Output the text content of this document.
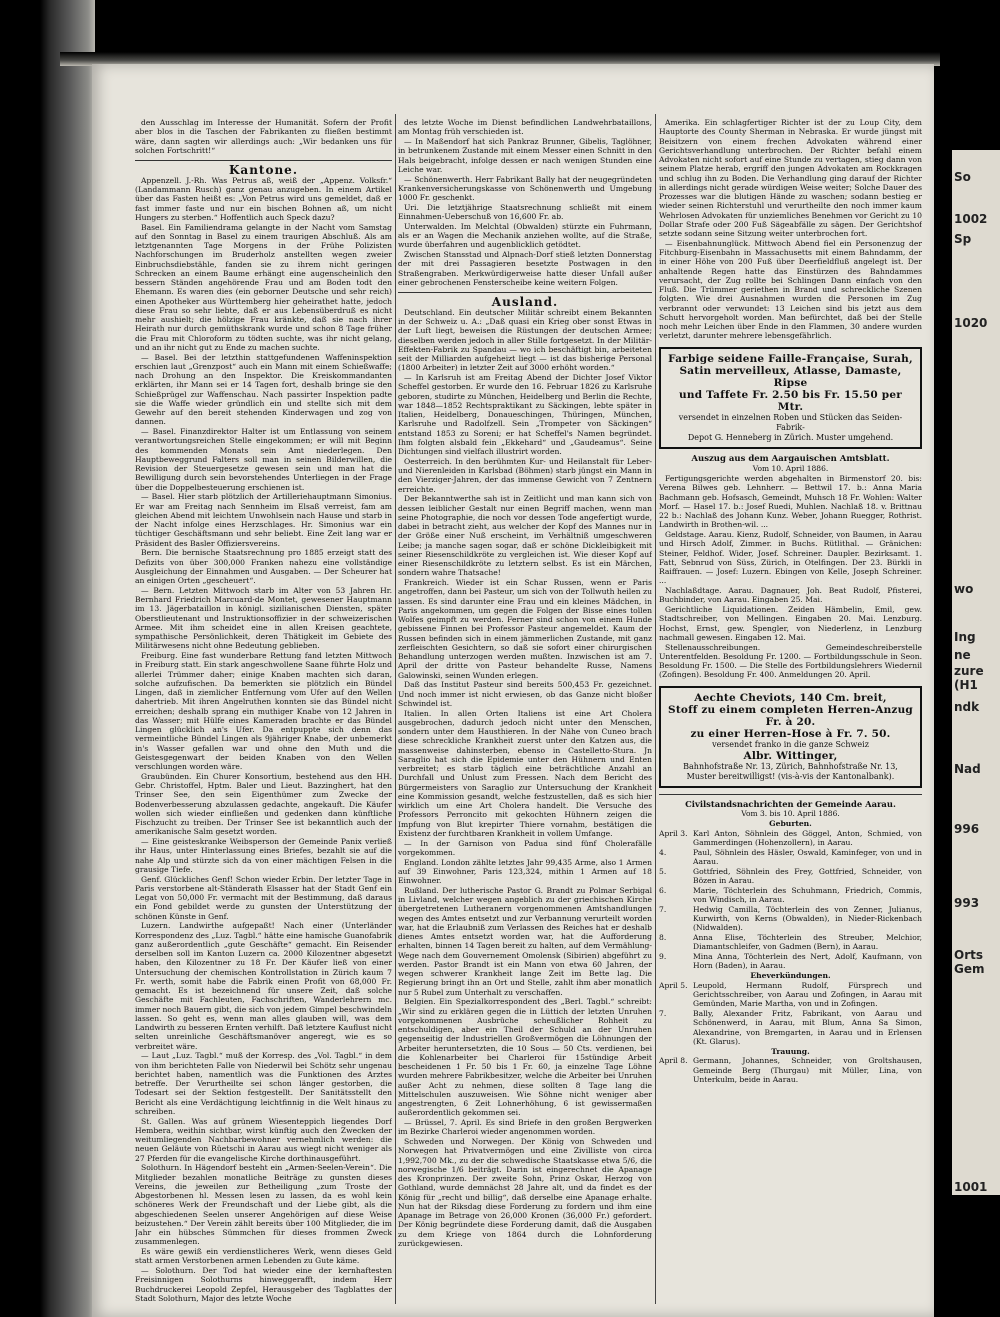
So
1002
Sp
1020
wo
Ing
ne
zure
(H1
ndk
Nad
996
993
Orts
Gem
1001

den Ausschlag im Interesse der Humanität. Sofern der Profit aber blos in die Taschen der Fabrikanten zu fließen bestimmt wäre, dann sagten wir allerdings auch: „Wir bedanken uns für solchen Fortschritt!“

Kantone.

Appenzell. J.-Rh. Was Petrus aß, weiß der „Appenz. Volksfr.“ (Landammann Rusch) ganz genau anzugeben. In einem Artikel über das Fasten heißt es: „Von Petrus wird uns gemeldet, daß er fast immer faste und nur ein bischen Bohnen aß, um nicht Hungers zu sterben.“ Hoffentlich auch Speck dazu?

Basel. Ein Familiendrama gelangte in der Nacht vom Samstag auf den Sonntag in Basel zu einem traurigen Abschluß. Als am letztgenannten Tage Morgens in der Frühe Polizisten Nachforschungen im Bruderholz anstellten wegen zweier Einbruchsdiebstähle, fanden sie zu ihrem nicht geringen Schrecken an einem Baume erhängt eine augenscheinlich den bessern Ständen angehörende Frau und am Boden todt den Ehemann. Es waren dies (ein geborner Deutsche und sehr reich) einen Apotheker aus Württemberg hier geheirathet hatte, jedoch diese Frau so sehr liebte, daß er aus Lebensüberdruß es nicht mehr aushielt; die hölzige Frau kränkte, daß sie nach ihrer Heirath nur durch gemüthskrank wurde und schon 8 Tage früher die Frau mit Chloroform zu tödten suchte, was ihr nicht gelang, und an ihr nicht gut zu Ende zu machen suchte.

— Basel. Bei der letzthin stattgefundenen Waffeninspektion erschien laut „Grenzpost“ auch ein Mann mit einem Schießwaffe; nach Drohung an den Inspektor. Die Kreiskommandanten erklärten, ihr Mann sei er 14 Tagen fort, deshalb bringe sie den Schießprügel zur Waffenschau. Nach passirter Inspektion padte sie die Waffe wieder gründlich ein und stellte sich mit dem Gewehr auf den bereit stehenden Kinderwagen und zog von dannen.

— Basel. Finanzdirektor Halter ist um Entlassung von seinem verantwortungsreichen Stelle eingekommen; er will mit Beginn des kommenden Monats sein Amt niederlegen. Den Hauptbeweggrund Falters soll man in seinen Bilderwillen, die Revision der Steuergesetze gewesen sein und man hat die Bewilligung durch sein bevorstehendes Unterliegen in der Frage über die Doppelbesteuerung erschienen ist.

— Basel. Hier starb plötzlich der Artilleriehauptmann Simonius. Er war am Freitag nach Sennheim im Elsaß verreist, fam am gleichen Abend mit leichtem Unwohlsein nach Hause und starb in der Nacht infolge eines Herzschlages. Hr. Simonius war ein tüchtiger Geschäftsmann und sehr beliebt. Eine Zeit lang war er Präsident des Basler Offiziersvereins.

Bern. Die bernische Staatsrechnung pro 1885 erzeigt statt des Defizits von über 300,000 Franken nahezu eine vollständige Ausgleichung der Einnahmen und Ausgaben. — Der Scheurer hat an einigen Orten „gescheuert“.

— Bern. Letzten Mittwoch starb im Alter von 53 Jahren Hr. Bernhard Friedrich Marcuard-de Montet, gewesener Hauptmann im 13. Jägerbataillon in königl. sizilianischen Diensten, später Oberstlieutenant und Instruktionsoffizier in der schweizerischen Armee. Mit ihm scheidet eine in allen Kreisen geachtete, sympathische Persönlichkeit, deren Thätigkeit im Gebiete des Militärwesens nicht ohne Bedeutung geblieben.

Freiburg. Eine fast wunderbare Rettung fand letzten Mittwoch in Freiburg statt. Ein stark angeschwollene Saane führte Holz und allerlei Trümmer daher; einige Knaben machten sich daran, solche aufzufischen. Da bemerkten sie plötzlich ein Bündel Lingen, daß in ziemlicher Entfernung vom Ufer auf den Wellen dahertrieb. Mit ihren Angelruthen konnten sie das Bündel nicht erreichen; deshalb sprang ein muthiger Knabe von 12 Jahren in das Wasser; mit Hülfe eines Kameraden brachte er das Bündel Lingen glücklich an's Ufer. Da entpuppte sich denn das vermeintliche Bündel Lingen als 9jähriger Knabe, der unbemerkt in's Wasser gefallen war und ohne den Muth und die Geistesgegenwart der beiden Knaben von den Wellen verschlungen worden wäre.

Graubünden. Ein Churer Konsortium, bestehend aus den HH. Gebr. Christoffel, Hptm. Baler und Lieut. Bazzinghert, hat den Trinser See, den sein Eigenthümer zum Zwecke der Bodenverbesserung abzulassen gedachte, angekauft. Die Käufer wollen sich wieder einfließen und gedenken dann künftliche Fischzucht zu treiben. Der Trinser See ist bekanntlich auch der amerikanische Salm gesetzt worden.

— Eine geisteskranke Weibsperson der Gemeinde Panix verließ ihr Haus, unter Hinterlassung eines Briefes, bezahlt sie auf die nahe Alp und stürzte sich da von einer mächtigen Felsen in die grausige Tiefe.

Genf. Glückliches Genf! Schon wieder Erbin. Der letzter Tage in Paris verstorbene alt-Ständerath Elsasser hat der Stadt Genf ein Legat von 50,000 Fr. vermacht mit der Bestimmung, daß daraus ein Fond gebildet werde zu gunsten der Unterstützung der schönen Künste in Genf.

Luzern. Landwirthe aufgepaßt! Nach einer (Unterländer Korrespondenz des „Luz. Tagbl.“ hätte eine hamische Guanofabrik ganz außerordentlich „gute Geschäfte“ gemacht. Ein Reisender derselben soll im Kanton Luzern ca. 2000 Kilozentner abgesetzt haben, den Kilozentner zu 18 Fr. Der Käufer ließ von einer Untersuchung der chemischen Kontrollstation in Zürich kaum 7 Fr. werth, somit habe die Fabrik einen Profit von 68,000 Fr. gemacht. Es ist bezeichnend für unsere Zeit, daß solche Geschäfte mit Fachleuten, Fachschriften, Wanderlehrern mc. immer noch Bauern gibt, die sich von jedem Gimpel beschwindeln lassen. So geht es, wenn man alles glauben will, was dem Landwirth zu besseren Ernten verhilft. Daß letztere Kauflust nicht selten unreinliche Geschäftsmanöver angeregt, wie es so verbreitet wäre.

— Laut „Luz. Tagbl.“ muß der Korresp. des „Vol. Tagbl.“ in dem von ihm berichteten Falle von Niederwil bei Schötz sehr ungenau berichtet haben, namentlich was die Funktionen des Arztes betreffe. Der Verurtheilte sei schon länger gestorben, die Todesart sei der Sektion festgestellt. Der Sanitätsstellt den Bericht als eine Verdächtigung leichtfinnig in die Welt hinaus zu schreiben.

St. Gallen. Was auf grünem Wiesenteppich liegendes Dorf Hembera, weithin sichtbar, wirst künftig auch den Zwecken der weitumliegenden Nachbarbewohner vernehmlich werden: die neuen Geläute von Rüetschi in Aarau aus wiegt nicht weniger als 27 Pferden für die evangelische Kirche dorthinausgeführt.

Solothurn. In Hägendorf besteht ein „Armen-Seelen-Verein“. Die Mitglieder bezahlen monatliche Beiträge zu gunsten dieses Vereins, die jeweilen zur Betheiligung „zum Troste der Abgestorbenen hl. Messen lesen zu lassen, da es wohl kein schöneres Werk der Freundschaft und der Liebe gibt, als die abgeschiedenen Seelen unserer Angehörigen auf diese Weise beizustehen.“ Der Verein zählt bereits über 100 Mitglieder, die im Jahr ein hübsches Sümmchen für dieses frommen Zweck zusammenlegen.

Es wäre gewiß ein verdienstlicheres Werk, wenn dieses Geld statt armen Verstorbenen armen Lebenden zu Gute käme.

— Solothurn. Der Tod hat wieder eine der kernhaftesten Freisinnigen Solothurns hinweggerafft, indem Herr Buchdruckerei Leopold Zepfel, Herausgeber des Tagblattes der Stadt Solothurn, Major des letzte Woche

des letzte Woche im Dienst befindlichen Landwehrbataillons, am Montag früh verschieden ist.

— In Maßendorf hat sich Pankraz Brunner, Gibelis, Taglöhner, in betrunkenem Zustande mit einem Messer einen Schnitt in den Hals beigebracht, infolge dessen er nach wenigen Stunden eine Leiche war.

— Schönenwerth. Herr Fabrikant Bally hat der neugegründeten Krankenversicherungskasse von Schönenwerth und Umgebung 1000 Fr. geschenkt.

Uri. Die letztjährige Staatsrechnung schließt mit einem Einnahmen-Ueberschuß von 16,600 Fr. ab.

Unterwalden. Im Melchtal (Obwalden) stürzte ein Fuhrmann, als er an Wagen die Mechanik anziehen wollte, auf die Straße, wurde überfahren und augenblicklich getödtet.

Zwischen Stansstad und Alpnach-Dorf stieß letzten Donnerstag der mit drei Passagieren besetzte Postwagen in den Straßengraben. Merkwürdigerweise hatte dieser Unfall außer einer gebrochenen Fensterscheibe keine weitern Folgen.

Ausland.

Deutschland. Ein deutscher Militär schreibt einem Bekannten in der Schweiz u. A.: „Daß quasi ein Krieg ober sonst Etwas in der Luft liegt, beweisen die Rüstungen der deutschen Armee; dieselben werden jedoch in aller Stille fortgesetzt. In der Militär-Effekten-Fabrik zu Spandau — wo ich beschäftigt bin, arbeiteten seit der Milliarden aufgeheizt liegt — ist das bisherige Personal (1800 Arbeiter) in letzter Zeit auf 3000 erhöht worden.“

— In Karlsruh ist am Freitag Abend der Dichter Josef Viktor Scheffel gestorben. Er wurde den 16. Februar 1826 zu Karlsruhe geboren, studirte zu München, Heidelberg und Berlin die Rechte, war 1848—1852 Rechtspraktikant zu Säckingen, lebte später in Italien, Heidelberg, Donaueschingen, Thüringen, München, Karlsruhe und Radolfzell. Sein „Trompeter von Säckingen“ entstand 1853 zu Soreni; er hat Scheffel's Namen begründet. Ihm folgten alsbald fein „Ekkehard“ und „Gaudeamus“. Seine Dichtungen sind vielfach illustrirt worden.

Oesterreich. In den berühmten Kur- und Heilanstalt für Leber- und Nierenleiden in Karlsbad (Böhmen) starb jüngst ein Mann in den Vierziger-Jahren, der das immense Gewicht von 7 Zentnern erreichte.

Der Bekanntwerthe sah ist in Zeitlicht und man kann sich von dessen leiblicher Gestalt nur einen Begriff machen, wenn man seine Photographie, die noch vor dessen Tode angefertigt wurde, dabei in betracht zieht, aus welcher der Kopf des Mannes nur in der Größe einer Nuß erscheint, im Verhältniß umgeschweren Leibe; ja manche sagen sogar, daß er schöne Dickleibigkeit mit seiner Riesenschildkröte zu vergleichen ist. Wie dieser Kopf auf einer Riesenschildkröte zu letztern selbst. Es ist ein Märchen, sondern wahre Thatsache!

Frankreich. Wieder ist ein Schar Russen, wenn er Paris angetroffen, dann bei Pasteur, um sich von der Tollwuth heilen zu lassen. Es sind darunter eine Frau und ein kleines Mädchen, in Paris angekommen, um gegen die Folgen der Bisse eines tollen Wolfes geimpft zu werden. Ferner sind schon von einem Hunde gebissene Finnen bei Professor Pasteur angemeldet. Kaum der Russen befinden sich in einem jämmerlichen Zustande, mit ganz zerfleischten Gesichtern, so daß sie sofort einer chirurgischen Behandlung unterzogen werden mußten. Inzwischen ist am 7. April der dritte von Pasteur behandelte Russe, Namens Galowinski, seinen Wunden erlegen.

Daß das Institut Pasteur sind bereits 500,453 Fr. gezeichnet. Und noch immer ist nicht erwiesen, ob das Ganze nicht bloßer Schwindel ist.

Italien. In allen Orten Italiens ist eine Art Cholera ausgebrochen, dadurch jedoch nicht unter den Menschen, sondern unter dem Hausthieren. In der Nähe von Cuneo brach diese schreckliche Krankheit zuerst unter den Katzen aus, die massenweise dahinsterben, ebenso in Castelletto-Stura. Jn Saraglio hat sich die Epidemie unter den Hühnern und Enten verbreitet; es starb täglich eine beträchtliche Anzahl an Durchfall und Unlust zum Fressen. Nach dem Bericht des Bürgermeisters von Saraglio zur Untersuchung der Krankheit eine Kommission gesandt, welche festzustellen, daß es sich hier wirklich um eine Art Cholera handelt. Die Versuche des Professors Perroncito mit gekochten Hühnern zeigen die Impfung von Blut krepirter Thiere vornahm, bestätigen die Existenz der furchtbaren Krankheit in vollem Umfange.

— In der Garnison von Padua sind fünf Cholerafälle vorgekommen.

England. London zählte letztes Jahr 99,435 Arme, also 1 Armen auf 39 Einwohner, Paris 123,324, mithin 1 Armen auf 18 Einwohner.

Rußland. Der lutherische Pastor G. Brandt zu Polmar Serbigal in Livland, welcher wegen angeblich zu der griechischen Kirche übergetretenen Lutheranern vorgenommenen Amtshandlungen wegen des Amtes entsetzt und zur Verbannung verurteilt worden war, hat die Erlaubniß zum Verlassen des Reiches hat er deshalb dienes Amtes entsetzt worden war, hat die Aufforderung erhalten, binnen 14 Tagen bereit zu halten, auf dem Vermählung-Wege nach dem Gouvernement Omolensk (Sibirien) abgeführt zu werden. Pastor Brandt ist ein Mann von etwa 60 Jahren, der wegen schwerer Krankheit lange Zeit im Bette lag. Die Regierung bringt ihn an Ort und Stelle, zahlt ihm aber monatlich nur 5 Rubel zum Unterhalt zu verschaffen.

Belgien. Ein Spezialkorrespondent des „Berl. Tagbl.“ schreibt: „Wir sind zu erklären gegen die in Lüttich der letzten Unruhen vorgekommenen Ausbrüche scheußlicher Rohheit zu entschuldigen, aber ein Theil der Schuld an der Unruhen gegenseitig der Industriellen Großvermögen die Löhnungen der Arbeiter heruntersetzten, die 10 Sous — 50 Cts. verdienen, bei die Kohlenarbeiter bei Charleroi für 15stündige Arbeit bescheidenen 1 Fr. 50 bis 1 Fr. 60, ja einzelne Tage Löhne wurden mehrere Fabrikbesitzer, welche die Arbeiter bei Unruhen außer Acht zu nehmen, diese sollten 8 Tage lang die Mittelschulen auszuweisen. Wie Söhne nicht weniger aber angestrengten, 6 Zeit Lohnerhöhung, 6 ist gewissermaßen außerordentlich gekommen sei.

— Brüssel, 7. April. Es sind Briefe in den großen Bergwerken im Bezirke Charleroi wieder angenommen worden.

Schweden und Norwegen. Der König von Schweden und Norwegen hat Privatvermögen und eine Zivilliste von circa 1,992,700 Mk., zu der die schwedische Staatskasse etwa 5/6, die norwegische 1/6 beiträgt. Darin ist eingerechnet die Apanage des Kronprinzen. Der zweite Sohn, Prinz Oskar, Herzog von Gothland, wurde demnächst 28 Jahre alt, und da findet es der König für „recht und billig“, daß derselbe eine Apanage erhalte. Nun hat der Riksdag diese Forderung zu fordern und ihm eine Apanage im Betrage von 26,000 Kronen (36,000 Fr.) gefordert. Der König begründete diese Forderung damit, daß die Ausgaben zu dem Kriege von 1864 durch die Lohnforderung zurückgewiesen.

Amerika. Ein schlagfertiger Richter ist der zu Loup City, dem Hauptorte des County Sherman in Nebraska. Er wurde jüngst mit Beisitzern von einem frechen Advokaten während einer Gerichtsverhandlung unterbrochen. Der Richter befahl einem Advokaten nicht sofort auf eine Stunde zu vertagen, stieg dann von seinem Platze herab, ergriff den jungen Advokaten am Rockkragen und schlug ihn zu Boden. Die Verhandlung ging darauf der Richter in allerdings nicht gerade würdigen Weise weiter; Solche Dauer des Prozesses war die blutigen Hände zu waschen; sodann bestieg er wieder seinen Richterstuhl und verurtheilte den noch immer kaum Wehrlosen Advokaten für unziemliches Benehmen vor Gericht zu 10 Dollar Strafe oder 200 Fuß Sägeabfälle zu sägen. Der Gerichtshof setzte sodann seine Sitzung weiter unterbrochen fort.

— Eisenbahnunglück. Mittwoch Abend fiel ein Personenzug der Fitchburg-Eisenbahn in Massachusetts mit einem Bahndamm, der in einer Höhe von 200 Fuß über Deerfieldfluß angelegt ist. Der anhaltende Regen hatte das Einstürzen des Bahndammes verursacht, der Zug rollte bei Schlingen Dann einfach von den Fluß. Die Trümmer geriethen in Brand und schreckliche Szenen folgten. Wie drei Ausnahmen wurden die Personen im Zug verbrannt oder verwundet: 13 Leichen sind bis jetzt aus dem Schutt hervorgeholt worden. Man befürchtet, daß bei der Stelle noch mehr Leichen über Ende in den Flammen, 30 andere wurden verletzt, darunter mehrere lebensgefährlich.

Farbige seidene Faille-Française, Surah,
Satin merveilleux, Atlasse, Damaste, Ripse
und Taffete Fr. 2.50 bis Fr. 15.50 per Mtr.
versendet in einzelnen Roben und Stücken das Seiden-Fabrik-
Depot G. Henneberg in Zürich. Muster umgehend.

Auszug aus dem Aargauischen Amtsblatt.

Vom 10. April 1886.

Fertigungsgerichte werden abgehalten in Birmenstorf 20. bis: Verena Bilwes geb. Lehnherr. — Bettwil 17. b.: Anna Maria Bachmann geb. Hofsasch, Gemeindt, Muhsch 18 Fr. Wohlen: Walter Morf. — Hasel 17. b.: Josef Ruedi, Muhlen. Nachlaß 18. v. Brittnau 22 b.: Nachlaß des Johann Kunz. Weber, Johann Ruegger, Rothrist. Landwirth in Brothen-wil. ...

Geldstage. Aarau. Kienz, Rudolf, Schneider, von Baumen, in Aarau und Hirsch Adolf, Zimmer. in Buchs. Rütlithal. — Gränichen: Steiner, Feldhof. Wider, Josef. Schreiner. Daupler. Bezirksamt. 1. Fatt, Sebnrud von Süss, Zürich, in Otelfingen. Der 23. Bürkli in Raiffrauen. — Josef: Luzern. Ebingen von Kelle, Joseph Schreiner. ...

Nachlaßdtage. Aarau. Dagnauer, Joh. Beat Rudolf, Pfisterei, Buchbinder, von Aarau. Eingaben 25. Mai.

Gerichtliche Liquidationen. Zeiden Hämbelin, Emil, gew. Stadtschreiber, von Mellingen. Eingaben 20. Mai. Lenzburg. Hochst, Ernst, gew. Spengler, von Niederlenz, in Lenzburg nachmall gewesen. Eingaben 12. Mai.

Stellenausschreibungen. Gemeindeschreiberstelle Unterentfelden. Besoldung Fr. 1200. — Fortbildungsschule in Seon. Besoldung Fr. 1500. — Die Stelle des Fortbildungslehrers Wiedernil (Zofingen). Besoldung Fr. 400. Anmeldungen 20. April.

Aechte Cheviots, 140 Cm. breit,
Stoff zu einem completen Herren-Anzug Fr. à 20.
zu einer Herren-Hose à Fr. 7. 50.
versendet franko in die ganze Schweiz
Albr. Wittinger,
Bahnhofstraße Nr. 13, Zürich, Bahnhofstraße Nr. 13,
Muster bereitwilligst! (vis-à-vis der Kantonalbank).

Civilstandsnachrichten der Gemeinde Aarau.

Vom 3. bis 10. April 1886.

Geburten.

April 3. Karl Anton, Söhnlein des Göggel, Anton, Schmied, von Gammerdingen (Hohenzollern), in Aarau.

4.	Paul, Söhnlein des Häsler, Oswald, Kaminfeger, von und in Aarau.

5.	Gottfried, Söhnlein des Frey, Gottfried, Schneider, von Bözen in Aarau.

6.	Marie, Töchterlein des Schuhmann, Friedrich, Commis, von Windisch, in Aarau.

7.	Hedwig Camilla, Töchterlein des von Zenner, Julianus, Kurwirth, von Kerns (Obwalden), in Nieder-Rickenbach (Nidwalden).

8.	Anna Elise, Töchterlein des Streuber, Melchior, Diamantschleifer, von Gadmen (Bern), in Aarau.

9.	Mina Anna, Töchterlein des Nert, Adolf, Kaufmann, von Horn (Baden), in Aarau.

Eheverkündungen.

April 5. Leupold, Hermann Rudolf, Fürsprech und Gerichtsschreiber, von Aarau und Zofingen, in Aarau mit Gemünden, Marie Martha, von und in Zofingen.

7.	Bally, Alexander Fritz, Fabrikant, von Aarau und Schönenwerd, in Aarau, mit Blum, Anna Sa Simon, Alexandrine, von Bremgarten, in Aarau und in Erlensen (Kt. Glarus).

Trauung.

April 8. Germann, Johannes, Schneider, von Groltshausen, Gemeinde Berg (Thurgau) mit Müller, Lina, von Unterkulm, beide in Aarau.
